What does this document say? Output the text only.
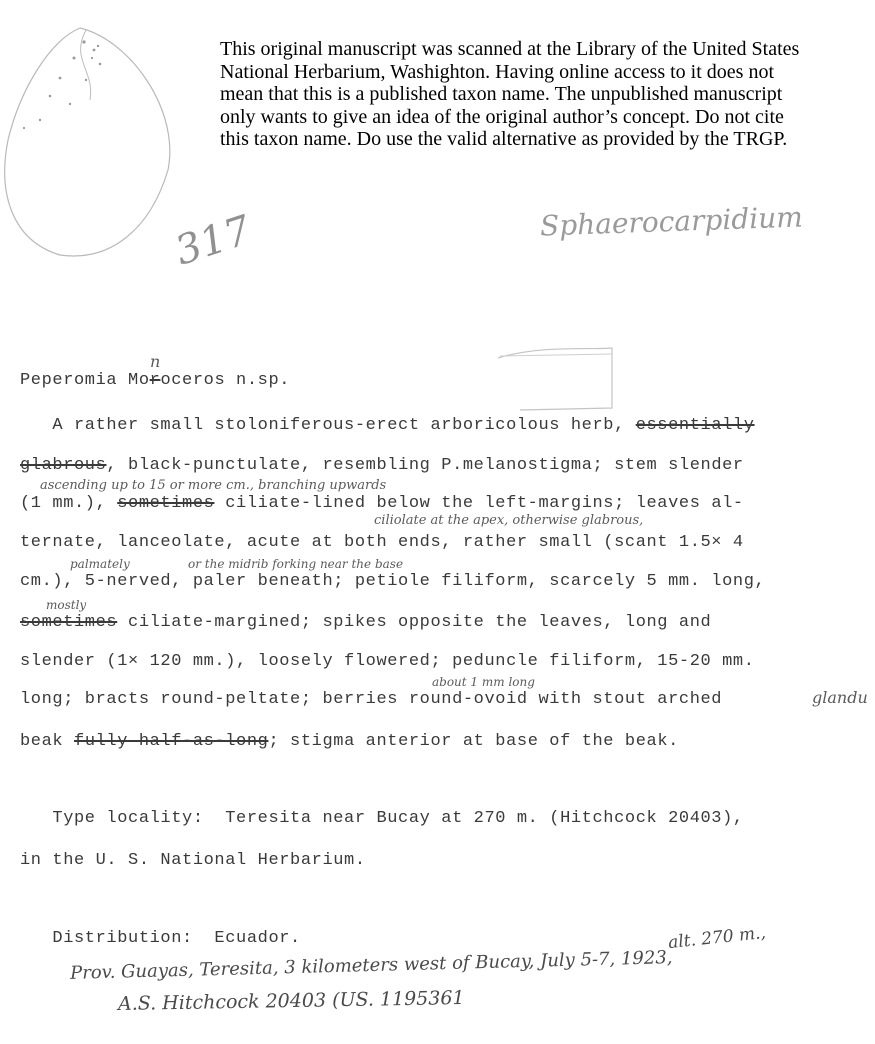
This original manuscript was scanned at the Library of the United States
National Herbarium, Washighton. Having online access to it does not
mean that this is a published taxon name. The unpublished manuscript
only wants to give an idea of the original author’s concept. Do not cite
this taxon name. Do use the valid alternative as provided by the TRGP.
317	Sphaerocarpidium
n
Peperomia Moroceros n.sp.
A rather small stoloniferous-erect arboricolous herb, essentially
glabrous, black-punctulate, resembling P.melanostigma; stem slender
ascending up to 15 or more cm., branching upwards
(1 mm.), sometimes ciliate-lined below the left-margins; leaves al-
ciliolate at the apex, otherwise glabrous,
ternate, lanceolate, acute at both ends, rather small (scant 1.5× 4
palmately	or the midrib forking near the base
cm.), 5-nerved, paler beneath; petiole filiform, scarcely 5 mm. long,
mostly
sometimes ciliate-margined; spikes opposite the leaves, long and
slender (1× 120 mm.), loosely flowered; peduncle filiform, 15-20 mm.
about 1 mm long
long; bracts round-peltate; berries round-ovoid with stout arched	glandu
beak fully half-as-long; stigma anterior at base of the beak.
Type locality:  Teresita near Bucay at 270 m. (Hitchcock 20403),
in the U. S. National Herbarium.
Distribution:  Ecuador.	alt. 270 m.,
Prov. Guayas, Teresita, 3 kilometers west of Bucay, July 5-7, 1923,
A.S. Hitchcock 20403 (US. 1195361
